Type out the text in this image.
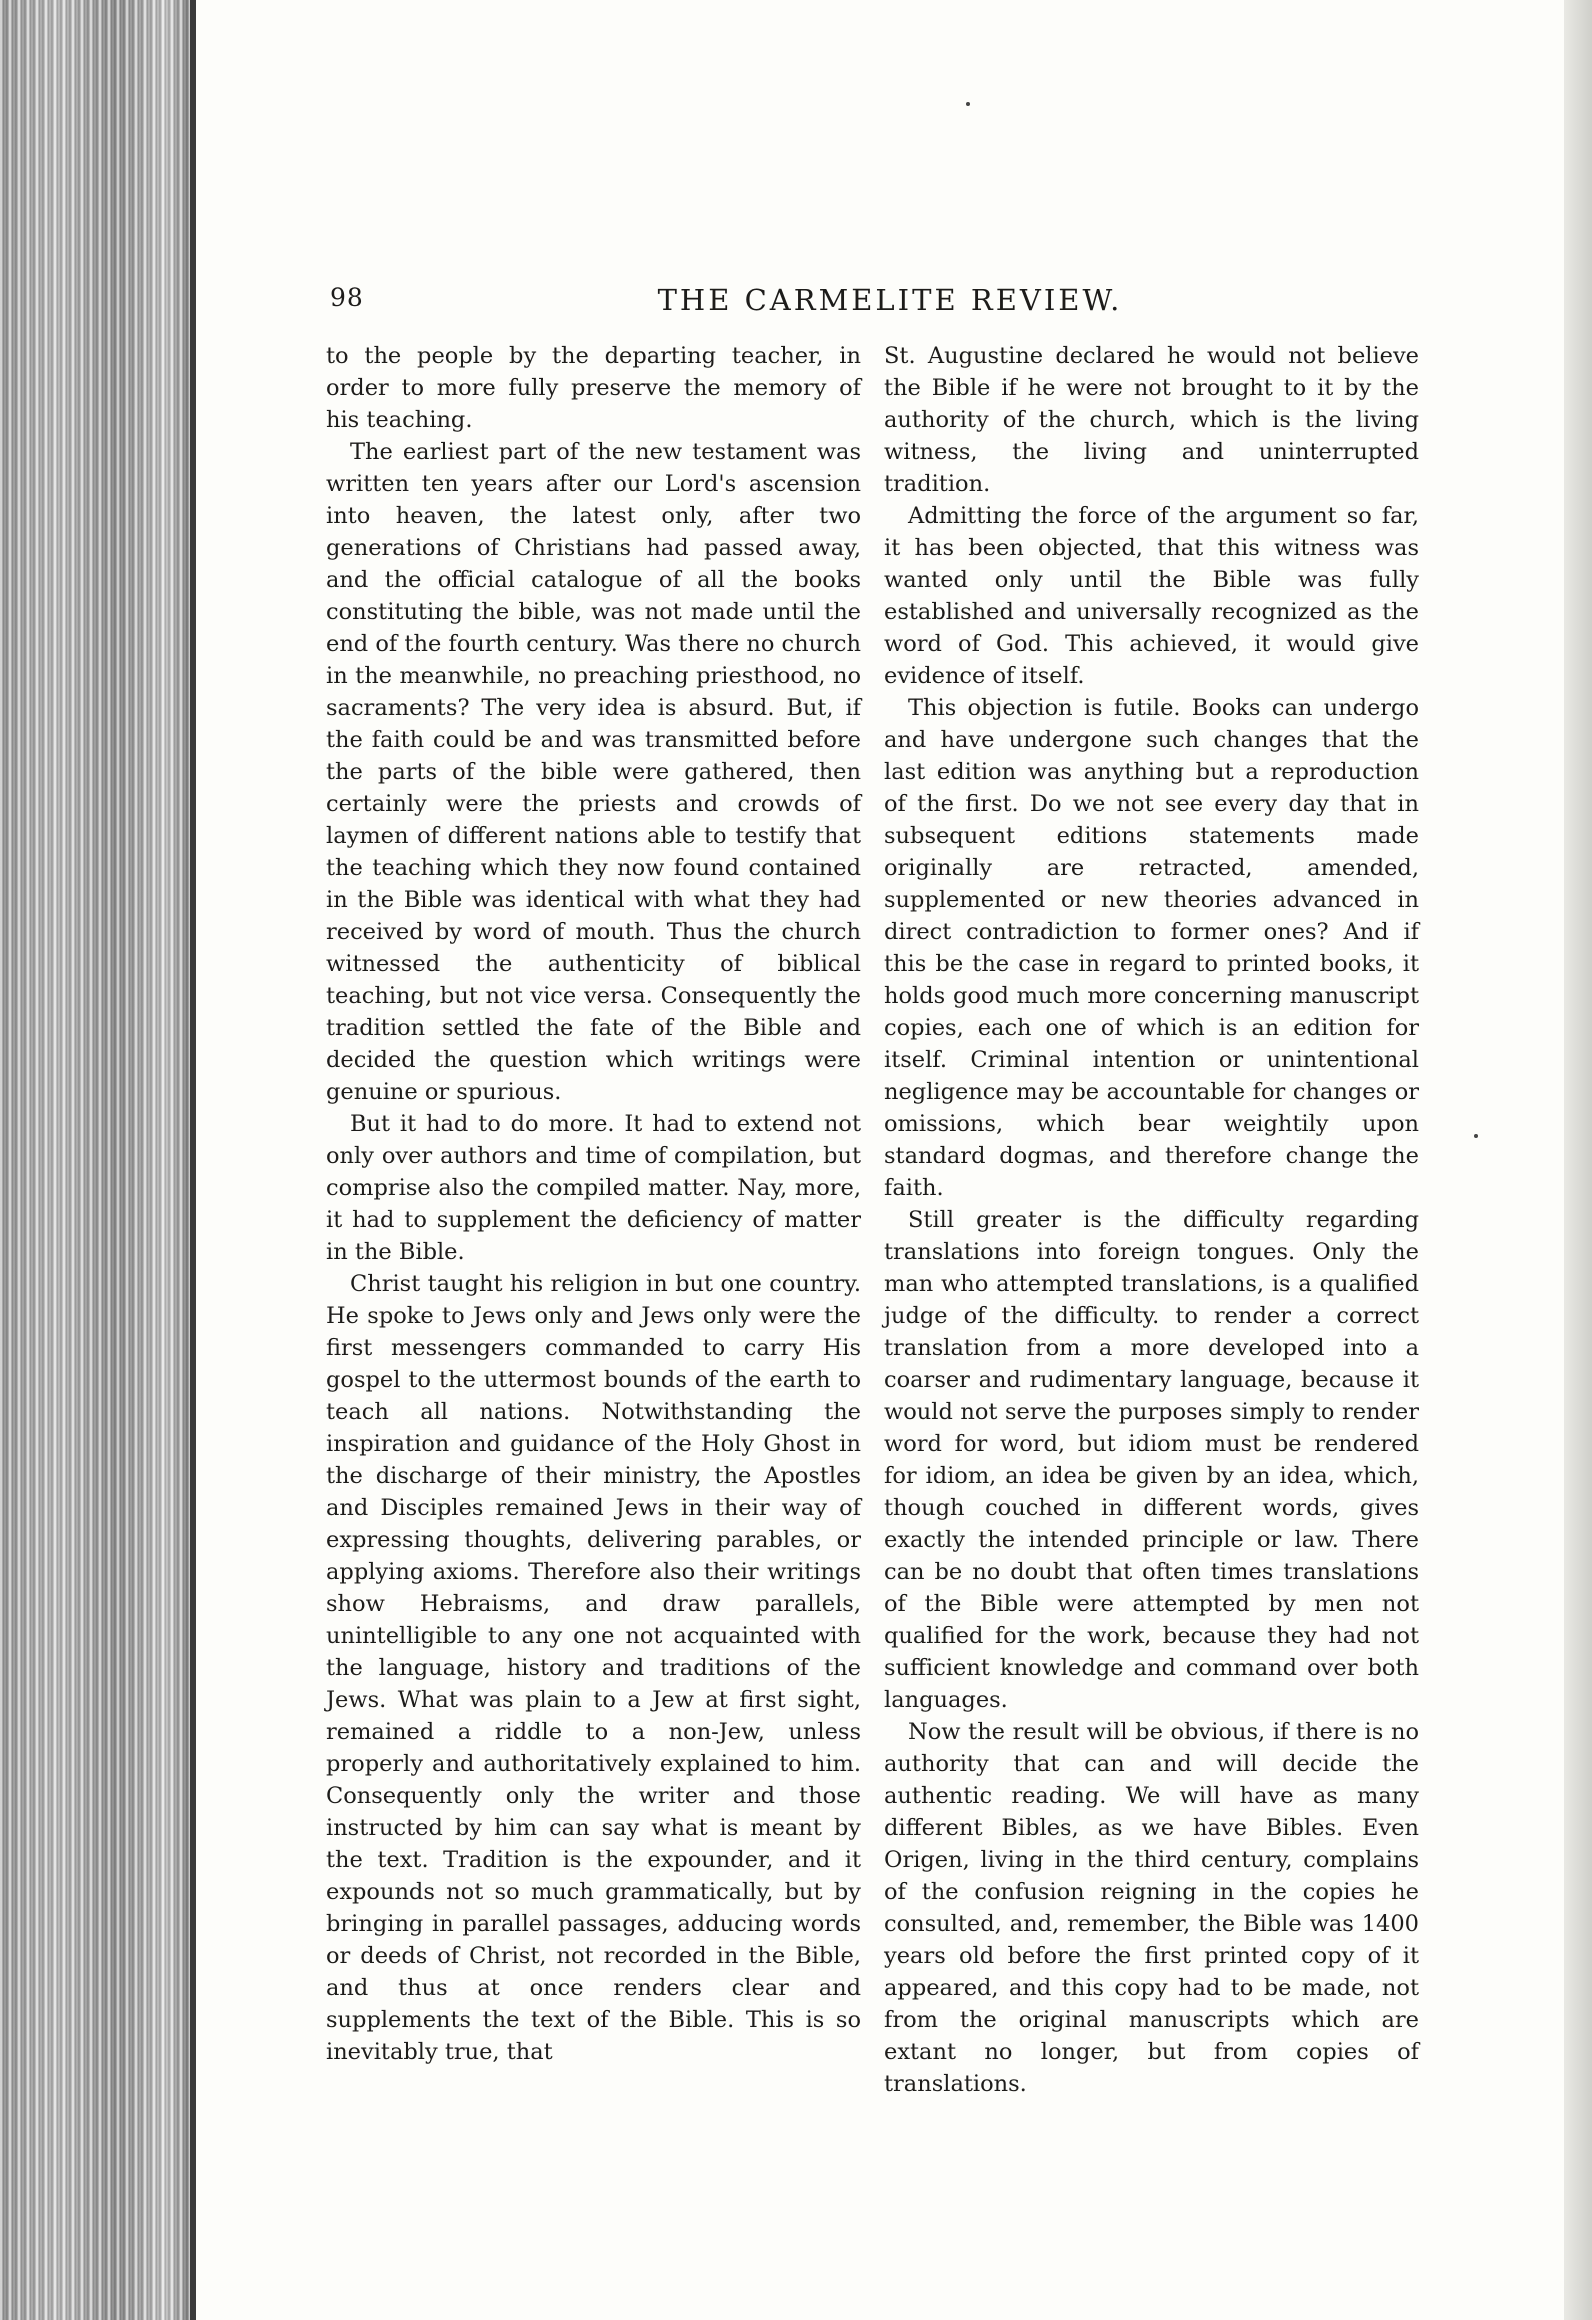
98	THE CARMELITE REVIEW.

to the people by the departing teacher, in order to more fully preserve the memory of his teaching.

The earliest part of the new testament was written ten years after our Lord's ascension into heaven, the latest only, after two generations of Christians had passed away, and the official catalogue of all the books constituting the bible, was not made until the end of the fourth century. Was there no church in the meanwhile, no preaching priesthood, no sacraments? The very idea is absurd. But, if the faith could be and was transmitted before the parts of the bible were gathered, then certainly were the priests and crowds of laymen of different nations able to testify that the teaching which they now found contained in the Bible was identical with what they had received by word of mouth. Thus the church witnessed the authenticity of biblical teaching, but not vice versa. Consequently the tradition settled the fate of the Bible and decided the question which writings were genuine or spurious.

But it had to do more. It had to extend not only over authors and time of compilation, but comprise also the compiled matter. Nay, more, it had to supplement the deficiency of matter in the Bible.

Christ taught his religion in but one country. He spoke to Jews only and Jews only were the first messengers commanded to carry His gospel to the uttermost bounds of the earth to teach all nations. Notwithstanding the inspiration and guidance of the Holy Ghost in the discharge of their ministry, the Apostles and Disciples remained Jews in their way of expressing thoughts, delivering parables, or applying axioms. Therefore also their writings show Hebraisms, and draw parallels, unintelligible to any one not acquainted with the language, history and traditions of the Jews. What was plain to a Jew at first sight, remained a riddle to a non-Jew, unless properly and authoritatively explained to him. Consequently only the writer and those instructed by him can say what is meant by the text. Tradition is the expounder, and it expounds not so much grammatically, but by bringing in parallel passages, adducing words or deeds of Christ, not recorded in the Bible, and thus at once renders clear and supplements the text of the Bible. This is so inevitably true, that

St. Augustine declared he would not believe the Bible if he were not brought to it by the authority of the church, which is the living witness, the living and uninterrupted tradition.

Admitting the force of the argument so far, it has been objected, that this witness was wanted only until the Bible was fully established and universally recognized as the word of God. This achieved, it would give evidence of itself.

This objection is futile. Books can undergo and have undergone such changes that the last edition was anything but a reproduction of the first. Do we not see every day that in subsequent editions statements made originally are retracted, amended, supplemented or new theories advanced in direct contradiction to former ones? And if this be the case in regard to printed books, it holds good much more concerning manuscript copies, each one of which is an edition for itself. Criminal intention or unintentional negligence may be accountable for changes or omissions, which bear weightily upon standard dogmas, and therefore change the faith.

Still greater is the difficulty regarding translations into foreign tongues. Only the man who attempted translations, is a qualified judge of the difficulty. to render a correct translation from a more developed into a coarser and rudimentary language, because it would not serve the purposes simply to render word for word, but idiom must be rendered for idiom, an idea be given by an idea, which, though couched in different words, gives exactly the intended principle or law. There can be no doubt that often times translations of the Bible were attempted by men not qualified for the work, because they had not sufficient knowledge and command over both languages.

Now the result will be obvious, if there is no authority that can and will decide the authentic reading. We will have as many different Bibles, as we have Bibles. Even Origen, living in the third century, complains of the confusion reigning in the copies he consulted, and, remember, the Bible was 1400 years old before the first printed copy of it appeared, and this copy had to be made, not from the original manuscripts which are extant no longer, but from copies of translations.
